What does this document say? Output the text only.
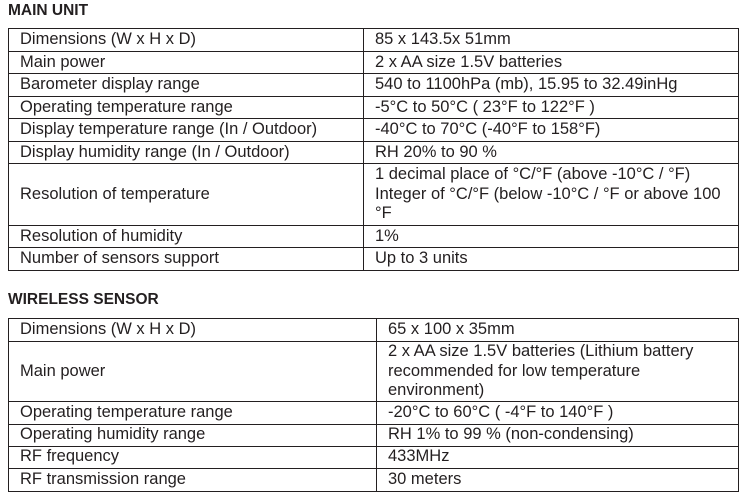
MAIN UNIT
Dimensions (W x H x D)	85 x 143.5x 51mm
Main power	2 x AA size 1.5V batteries
Barometer display range	540 to 1100hPa (mb), 15.95 to 32.49inHg
Operating temperature range	-5°C to 50°C ( 23°F to 122°F )
Display temperature range (In / Outdoor)	-40°C to 70°C (-40°F to 158°F)
Display humidity range (In / Outdoor)	RH 20% to 90 %
Resolution of temperature	1 decimal place of °C/°F (above -10°C / °F) Integer of °C/°F (below -10°C / °F or above 100 °F
Resolution of humidity	1%
Number of sensors support	Up to 3 units
WIRELESS SENSOR
Dimensions (W x H x D)	65 x 100 x 35mm
Main power	2 x AA size 1.5V batteries (Lithium battery recommended for low temperature environment)
Operating temperature range	-20°C to 60°C ( -4°F to 140°F )
Operating humidity range	RH 1% to 99 % (non-condensing)
RF frequency	433MHz
RF transmission range	30 meters
